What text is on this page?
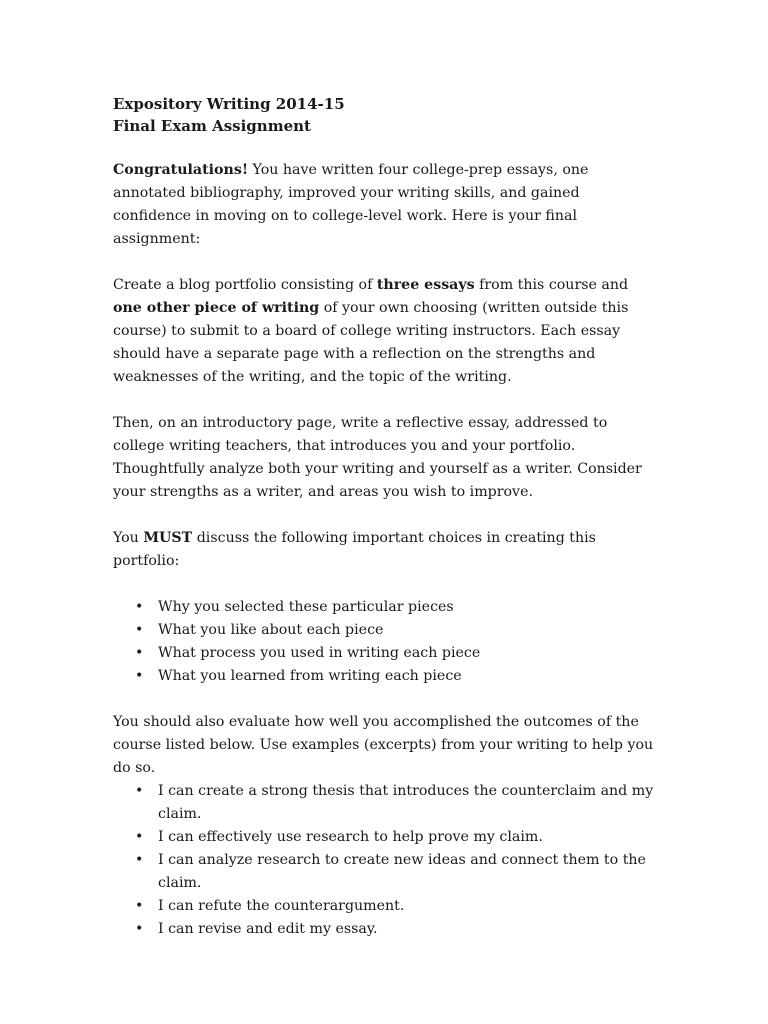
Expository Writing 2014-15
Final Exam Assignment

Congratulations! You have written four college-prep essays, one annotated bibliography, improved your writing skills, and gained confidence in moving on to college-level work. Here is your final assignment:

Create a blog portfolio consisting of three essays from this course and one other piece of writing of your own choosing (written outside this course) to submit to a board of college writing instructors. Each essay should have a separate page with a reflection on the strengths and weaknesses of the writing, and the topic of the writing.

Then, on an introductory page, write a reflective essay, addressed to college writing teachers, that introduces you and your portfolio. Thoughtfully analyze both your writing and yourself as a writer. Consider your strengths as a writer, and areas you wish to improve.

You MUST discuss the following important choices in creating this portfolio:

• Why you selected these particular pieces
• What you like about each piece
• What process you used in writing each piece
• What you learned from writing each piece

You should also evaluate how well you accomplished the outcomes of the course listed below. Use examples (excerpts) from your writing to help you do so.

• I can create a strong thesis that introduces the counterclaim and my claim.
• I can effectively use research to help prove my claim.
• I can analyze research to create new ideas and connect them to the claim.
• I can refute the counterargument.
• I can revise and edit my essay.
